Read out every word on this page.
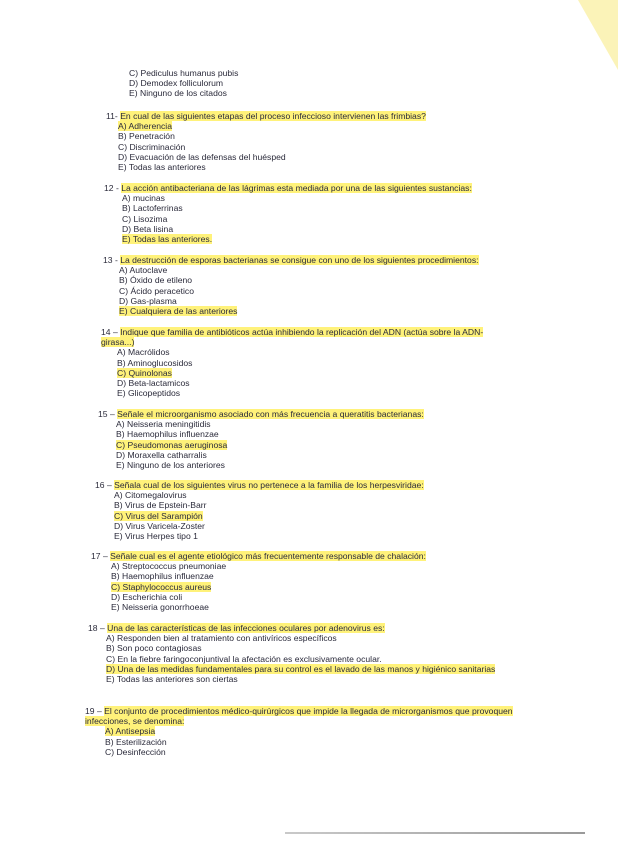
C) Pediculus humanus pubis
D) Demodex folliculorum
E) Ninguno de los citados
11- En cual de las siguientes etapas del proceso infeccioso intervienen las frimbias?
A) Adherencia
B) Penetración
C) Discriminación
D) Evacuación de las defensas del huésped
E) Todas las anteriores
12 - La acción antibacteriana de las lágrimas esta mediada por una de las siguientes sustancias:
A) mucinas
B) Lactoferrinas
C) Lisozima
D) Beta lisina
E) Todas las anteriores.
13 - La destrucción de esporas bacterianas se consigue con uno de los siguientes procedimientos:
A) Autoclave
B) Óxido de etileno
C) Ácido peracetico
D) Gas-plasma
E) Cualquiera de las anteriores
14 – Indique que familia de antibióticos actúa inhibiendo la replicación del ADN (actúa sobre la ADN-girasa...)
A) Macrólidos
B) Aminoglucosidos
C) Quinolonas
D) Beta-lactamicos
E) Glicopeptidos
15 – Señale el microorganismo asociado con más frecuencia a queratitis bacterianas:
A) Neisseria meningitidis
B) Haemophilus influenzae
C) Pseudomonas aeruginosa
D) Moraxella catharralis
E) Ninguno de los anteriores
16 – Señala cual de los siguientes virus no pertenece a la familia de los herpesviridae:
A) Citomegalovirus
B) Virus de Epstein-Barr
C) Virus del Sarampión
D) Virus Varicela-Zoster
E) Virus Herpes tipo 1
17 – Señale cual es el agente etiológico más frecuentemente responsable de chalación:
A) Streptococcus pneumoniae
B) Haemophilus influenzae
C) Staphylococcus aureus
D) Escherichia coli
E) Neisseria gonorrhoeae
18 – Una de las características de las infecciones oculares por adenovirus es:
A) Responden bien al tratamiento con antivíricos específicos
B) Son poco contagiosas
C) En la fiebre faringoconjuntival la afectación es exclusivamente ocular.
D) Una de las medidas fundamentales para su control es el lavado de las manos y higiénico sanitarias
E) Todas las anteriores son ciertas
19 – El conjunto de procedimientos médico-quirúrgicos que impide la llegada de microrganismos que provoquen infecciones, se denomina:
A) Antisepsia
B) Esterilización
C) Desinfección
